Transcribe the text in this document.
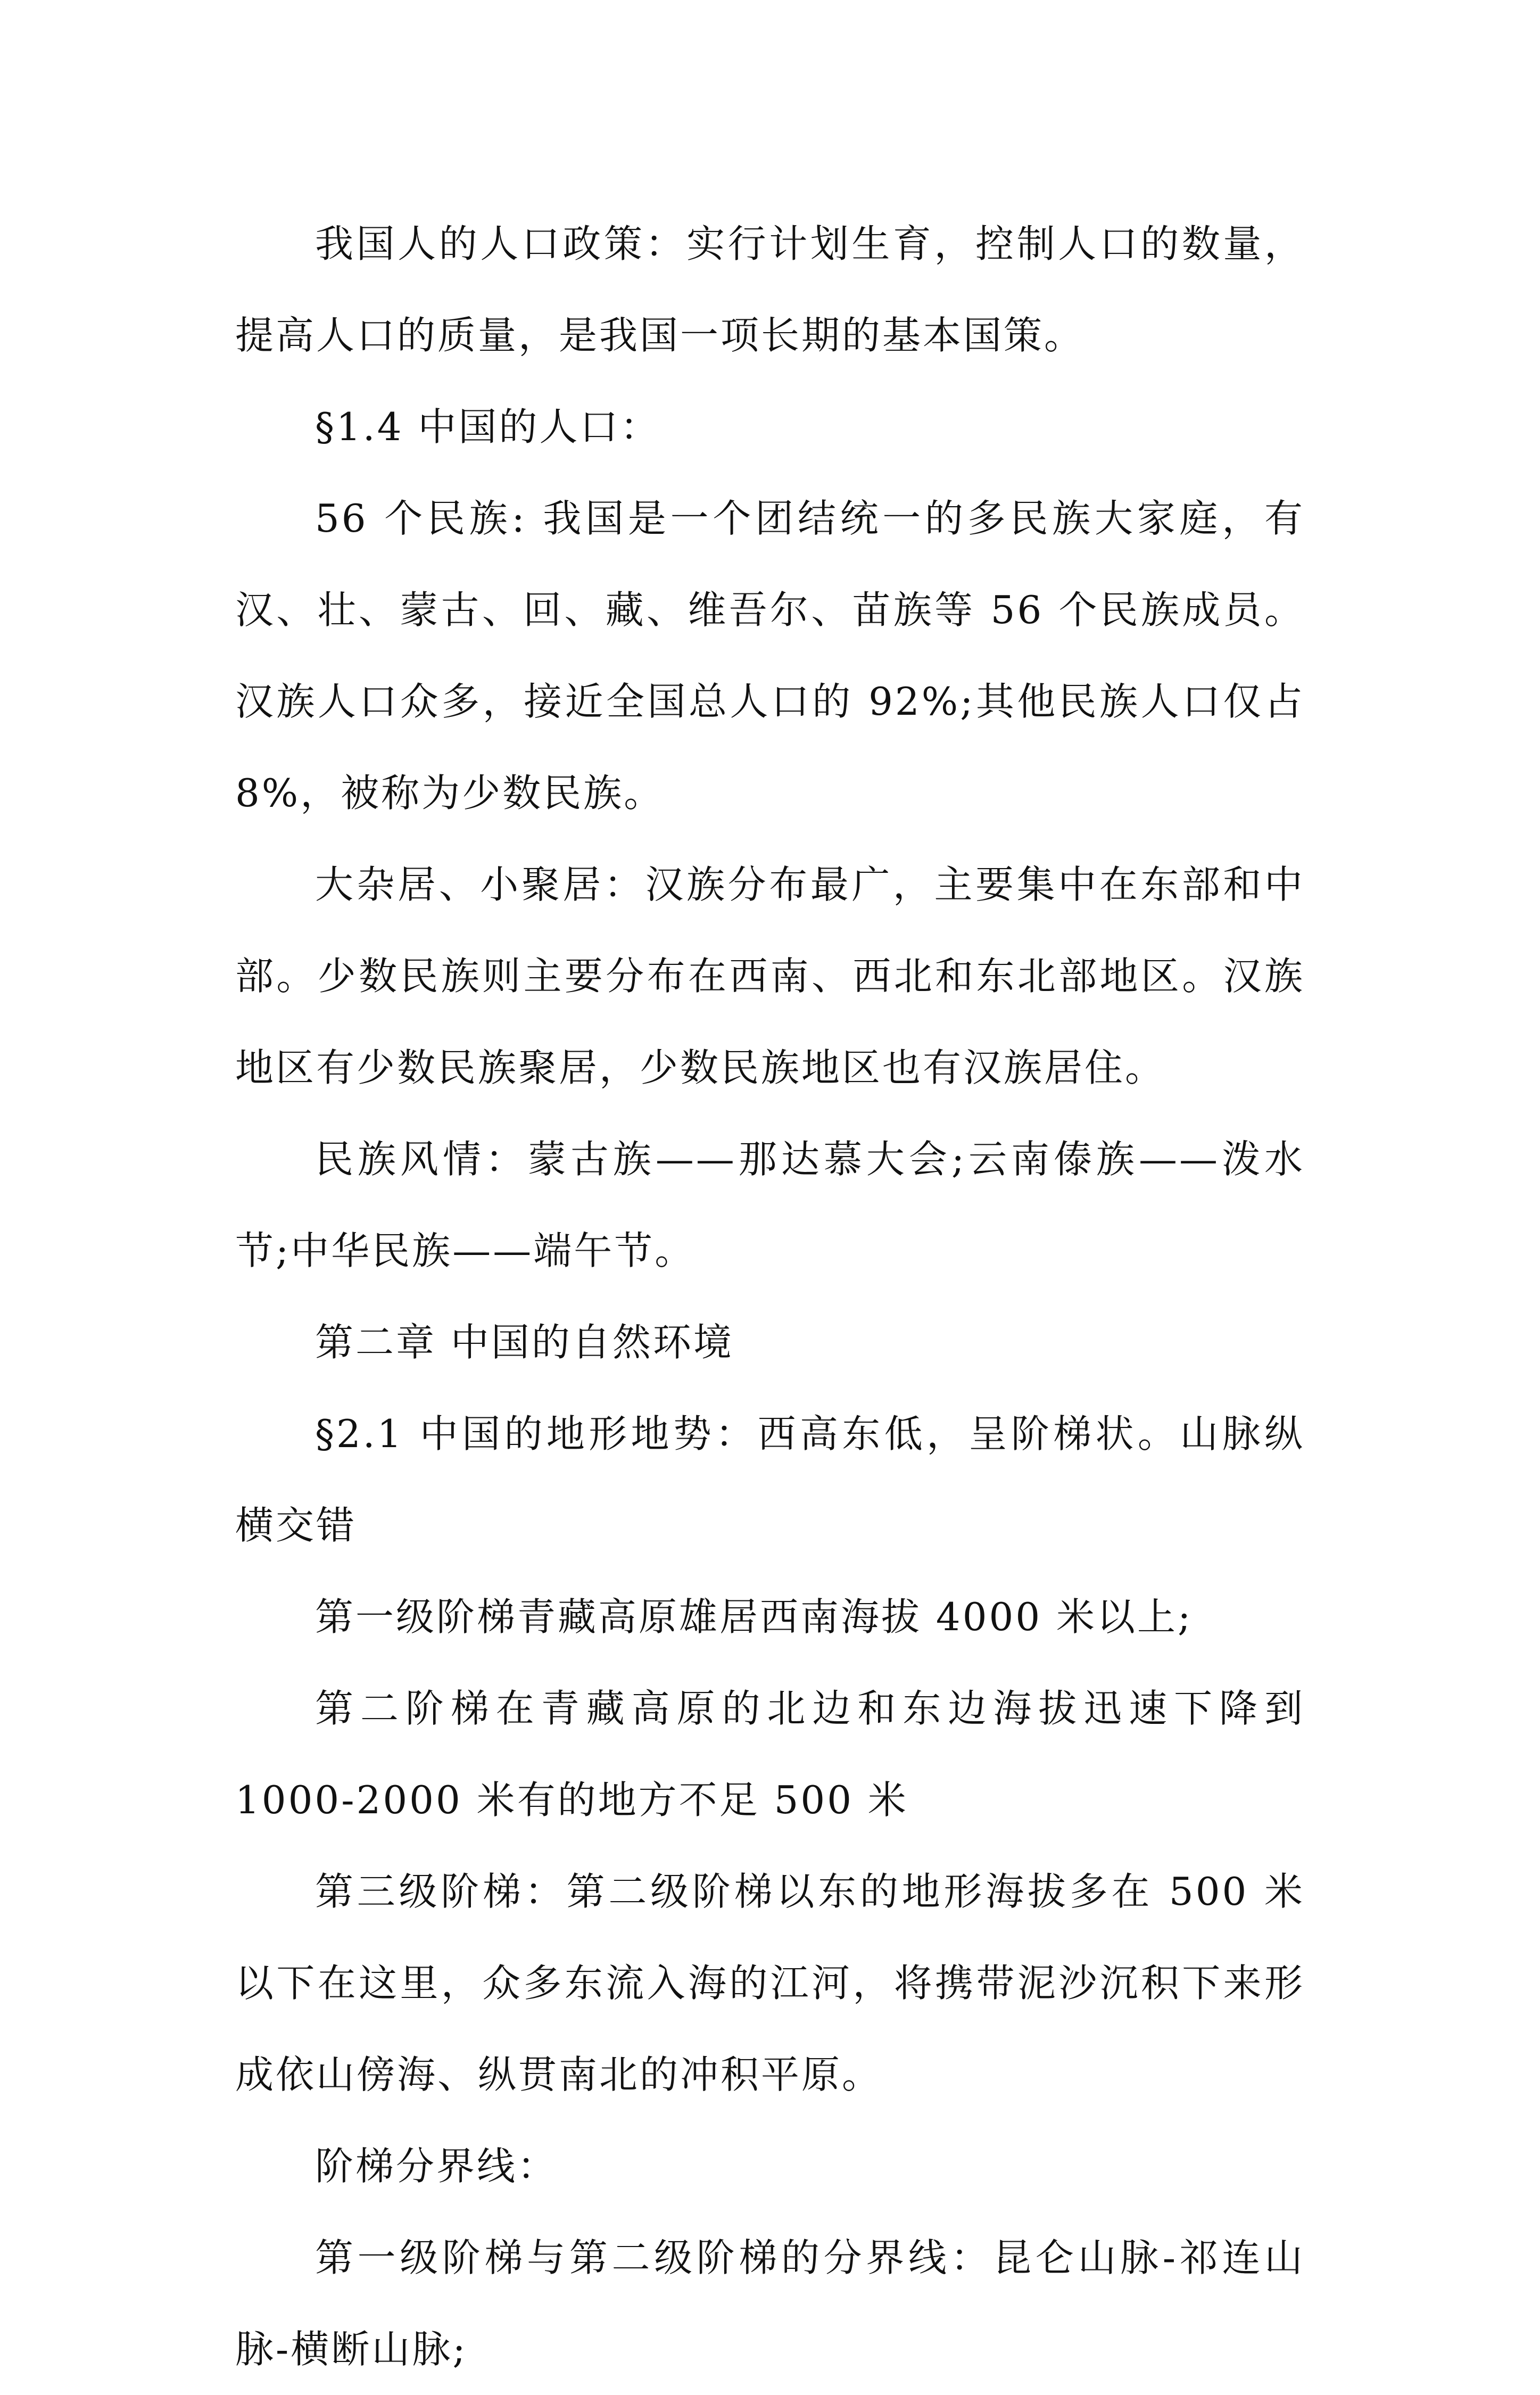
我国人的人口政策：实行计划生育，控制人口的数量，提高人口的质量，是我国一项长期的基本国策。

§1.4 中国的人口：

56 个民族: 我国是一个团结统一的多民族大家庭，有汉、壮、蒙古、回、藏、维吾尔、苗族等 56 个民族成员。汉族人口众多，接近全国总人口的 92%;其他民族人口仅占 8%，被称为少数民族。

大杂居、小聚居：汉族分布最广，主要集中在东部和中部。少数民族则主要分布在西南、西北和东北部地区。汉族地区有少数民族聚居，少数民族地区也有汉族居住。

民族风情：蒙古族——那达慕大会;云南傣族——泼水节;中华民族——端午节。

第二章 中国的自然环境

§2.1 中国的地形地势：西高东低，呈阶梯状。山脉纵横交错

第一级阶梯青藏高原雄居西南海拔 4000 米以上;

第二阶梯在青藏高原的北边和东边海拔迅速下降到 1000-2000 米有的地方不足 500 米

第三级阶梯：第二级阶梯以东的地形海拔多在 500 米以下在这里，众多东流入海的江河，将携带泥沙沉积下来形成依山傍海、纵贯南北的冲积平原。

阶梯分界线：

第一级阶梯与第二级阶梯的分界线：昆仑山脉-祁连山脉-横断山脉;
